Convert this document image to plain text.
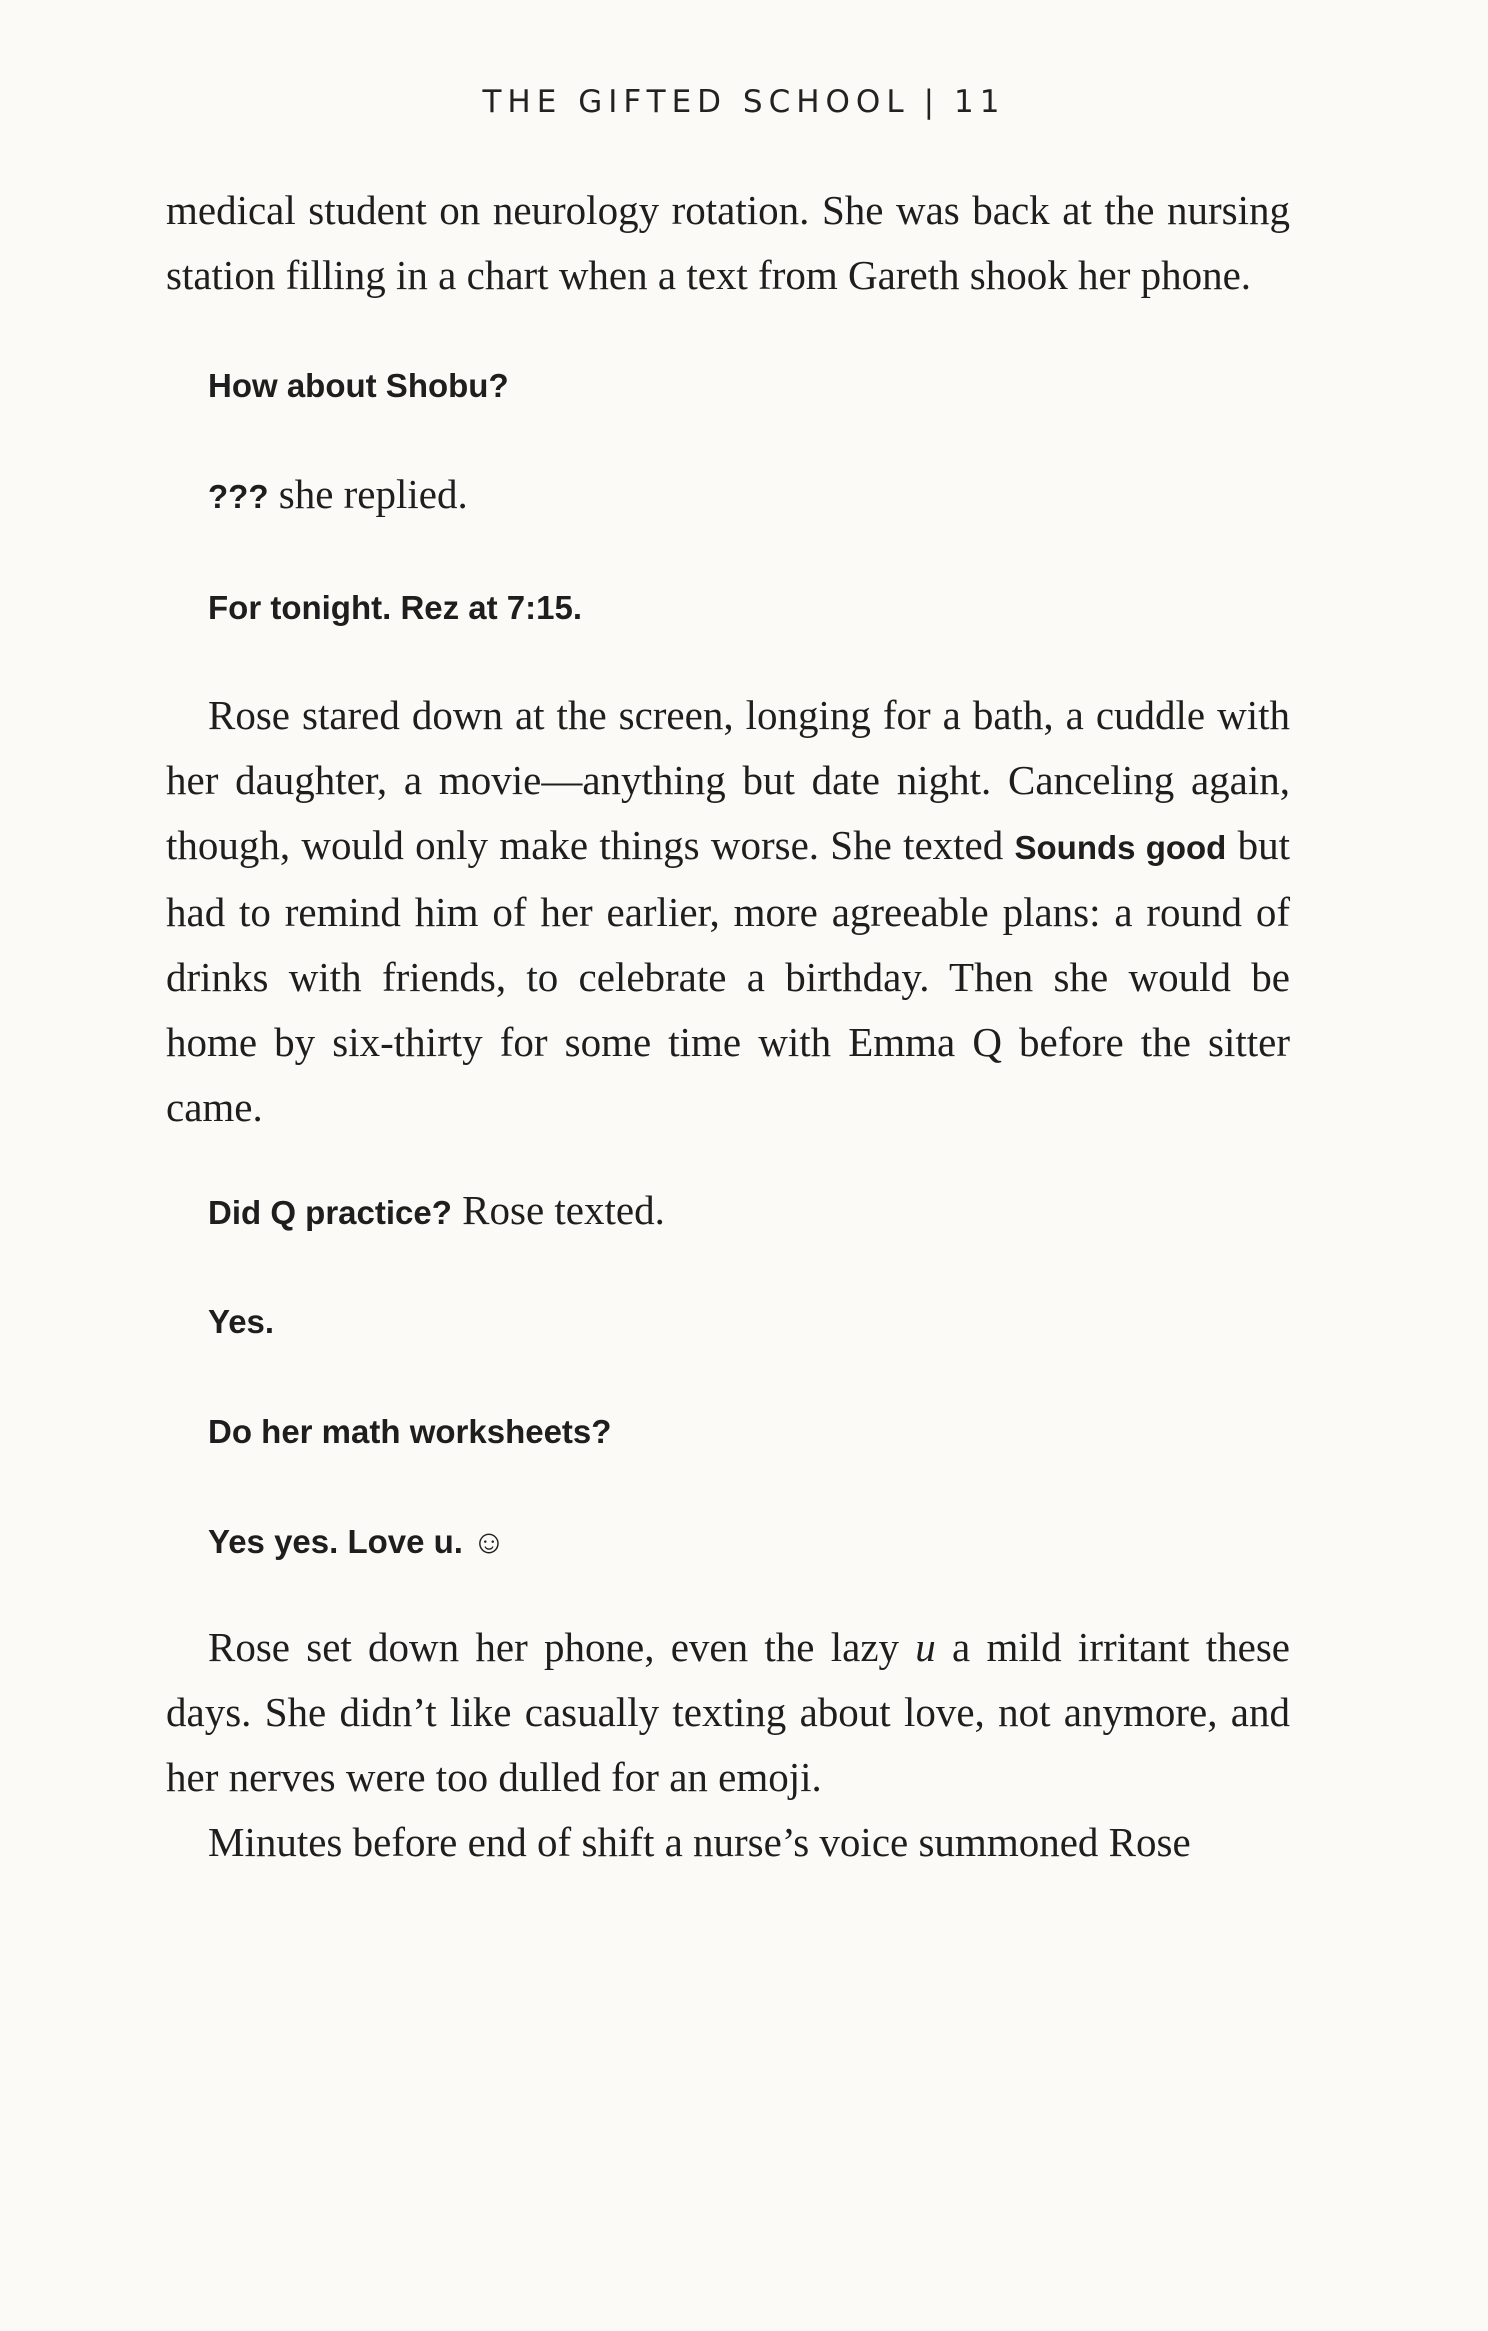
THE GIFTED SCHOOL | 11

medical student on neurology rotation. She was back at the nursing station filling in a chart when a text from Gareth shook her phone.

How about Shobu?

??? she replied.

For tonight. Rez at 7:15.

Rose stared down at the screen, longing for a bath, a cuddle with her daughter, a movie—anything but date night. Canceling again, though, would only make things worse. She texted Sounds good but had to remind him of her earlier, more agreeable plans: a round of drinks with friends, to celebrate a birthday. Then she would be home by six-thirty for some time with Emma Q before the sitter came.

Did Q practice? Rose texted.

Yes.

Do her math worksheets?

Yes yes. Love u. ☺

Rose set down her phone, even the lazy u a mild irritant these days. She didn’t like casually texting about love, not anymore, and her nerves were too dulled for an emoji.

Minutes before end of shift a nurse’s voice summoned Rose
